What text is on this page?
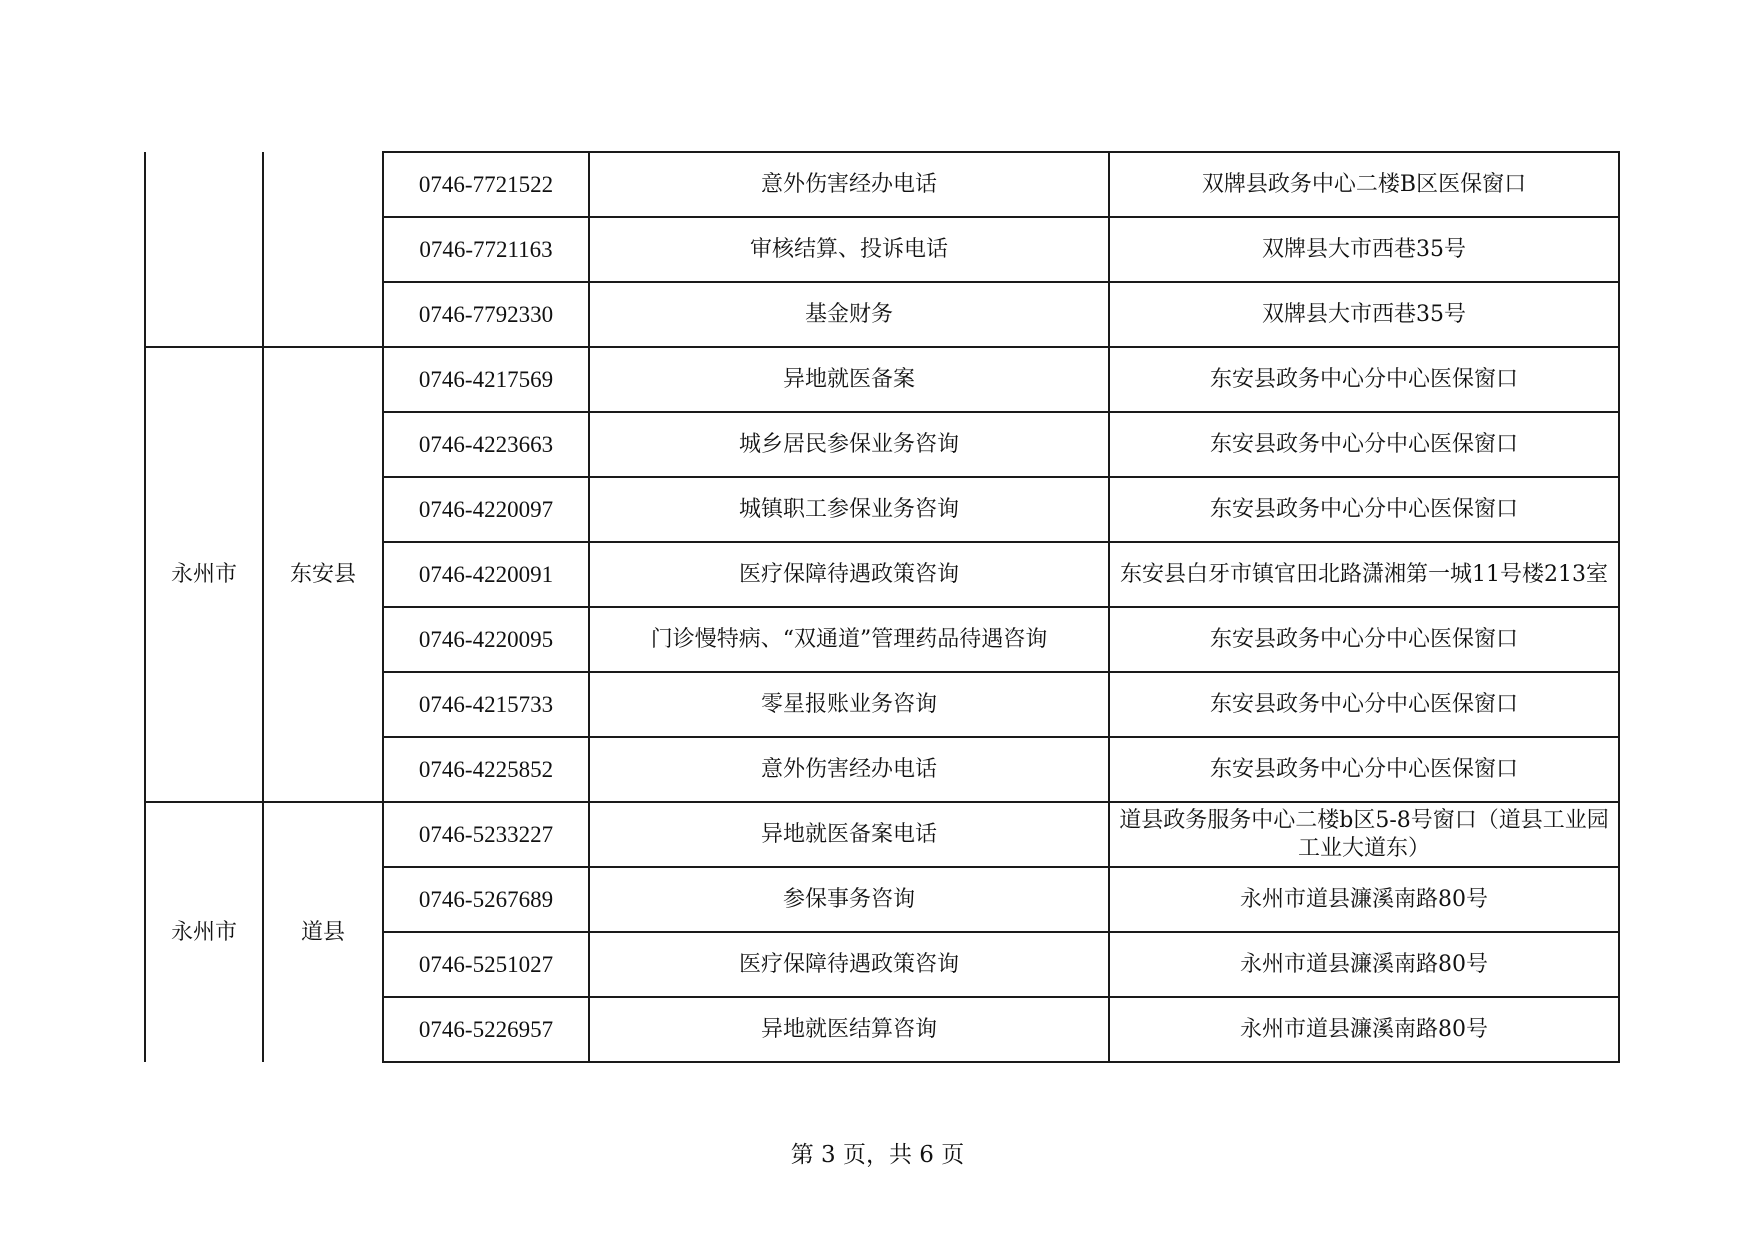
		0746-7721522	意外伤害经办电话	双牌县政务中心二楼B区医保窗口
		0746-7721163	审核结算、投诉电话	双牌县大市西巷35号
		0746-7792330	基金财务	双牌县大市西巷35号
永州市	东安县	0746-4217569	异地就医备案	东安县政务中心分中心医保窗口
		0746-4223663	城乡居民参保业务咨询	东安县政务中心分中心医保窗口
		0746-4220097	城镇职工参保业务咨询	东安县政务中心分中心医保窗口
		0746-4220091	医疗保障待遇政策咨询	东安县白牙市镇官田北路潇湘第一城11号楼213室
		0746-4220095	门诊慢特病、“双通道”管理药品待遇咨询	东安县政务中心分中心医保窗口
		0746-4215733	零星报账业务咨询	东安县政务中心分中心医保窗口
		0746-4225852	意外伤害经办电话	东安县政务中心分中心医保窗口
永州市	道县	0746-5233227	异地就医备案电话	道县政务服务中心二楼b区5-8号窗口（道县工业园工业大道东）
		0746-5267689	参保事务咨询	永州市道县濂溪南路80号
		0746-5251027	医疗保障待遇政策咨询	永州市道县濂溪南路80号
		0746-5226957	异地就医结算咨询	永州市道县濂溪南路80号
第 3 页，共 6 页
